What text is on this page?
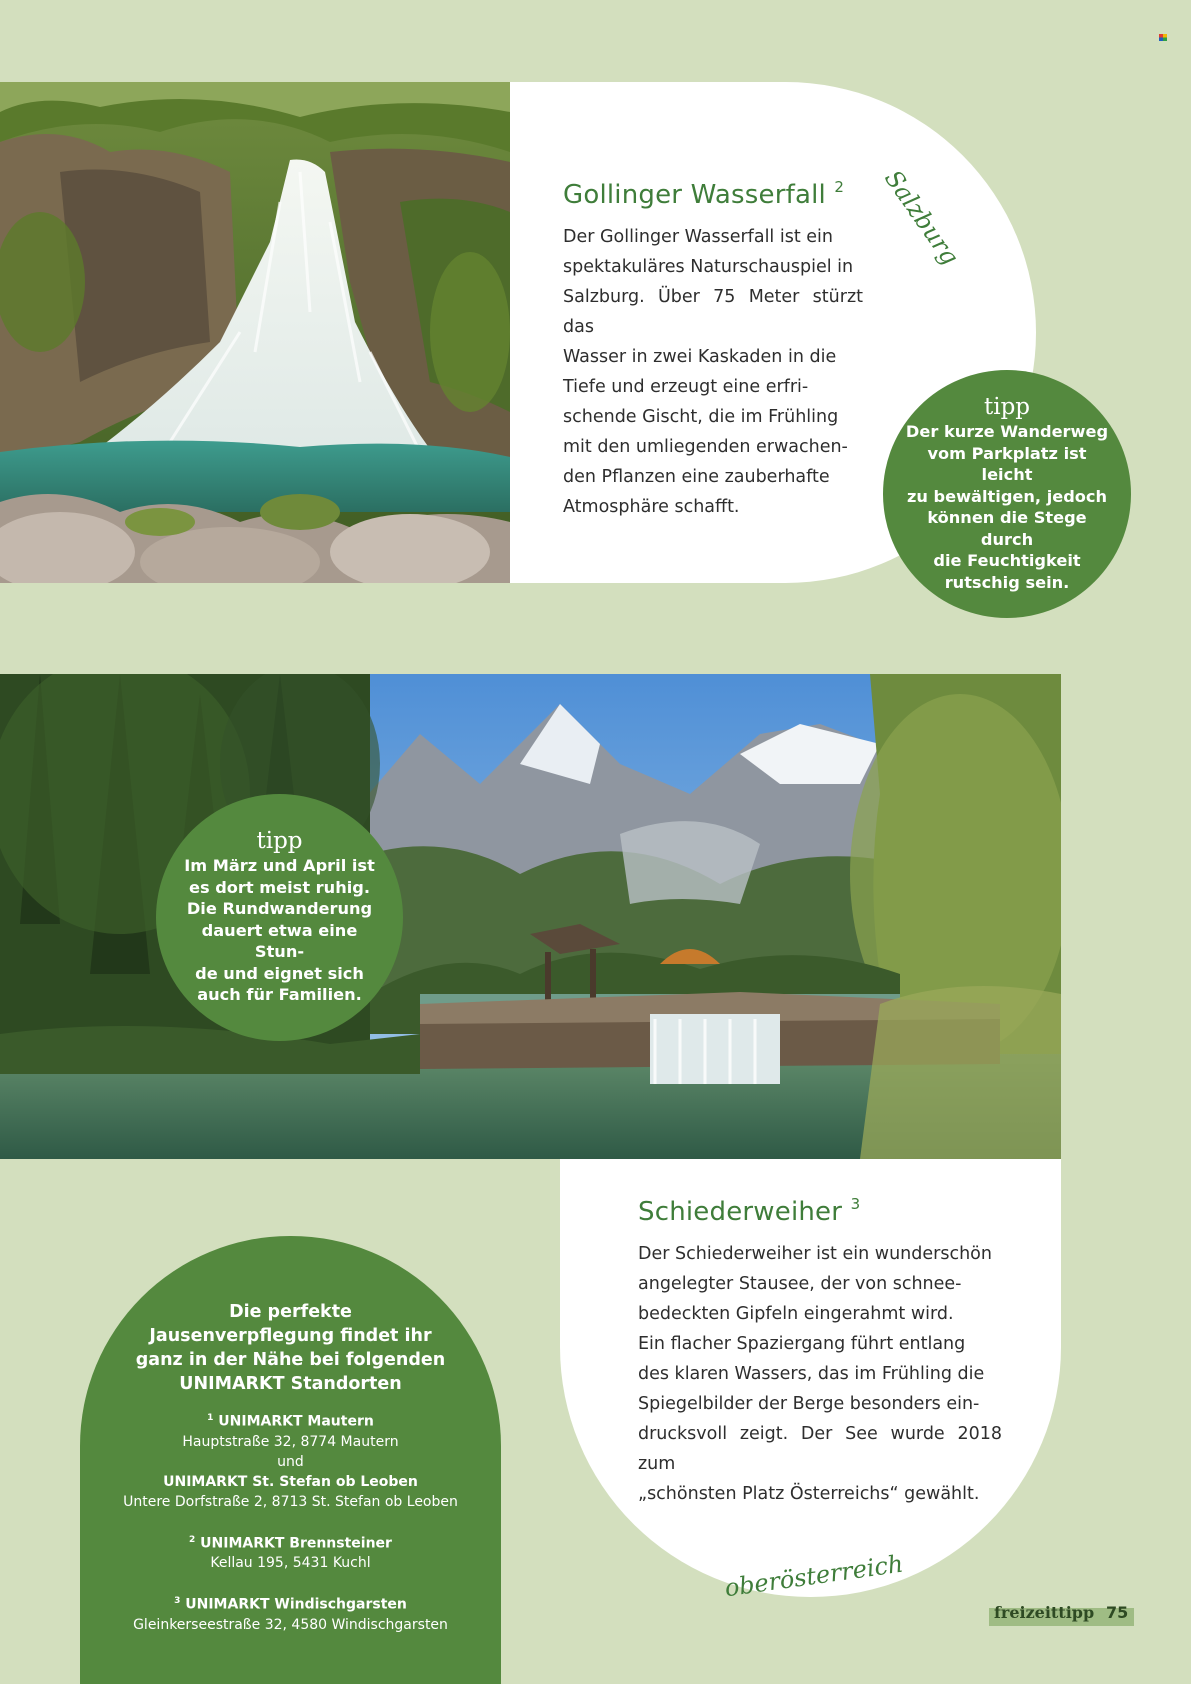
Gollinger Wasserfall $^2$
Der Gollinger Wasserfall ist ein
spektakuläres Naturschauspiel in
Salzburg. Über 75 Meter stürzt das
Wasser in zwei Kaskaden in die
Tiefe und erzeugt eine erfri-
schende Gischt, die im Frühling
mit den umliegenden erwachen-
den Pflanzen eine zauberhafte
Atmosphäre schafft.
Salzburg
tipp
Der kurze Wanderweg
vom Parkplatz ist leicht
zu bewältigen, jedoch
können die Stege durch
die Feuchtigkeit
rutschig sein.
tipp
Im März und April ist
es dort meist ruhig.
Die Rundwanderung
dauert etwa eine Stun-
de und eignet sich
auch für Familien.
Schiederweiher $^3$
Der Schiederweiher ist ein wunderschön
angelegter Stausee, der von schnee-
bedeckten Gipfeln eingerahmt wird.
Ein flacher Spaziergang führt entlang
des klaren Wassers, das im Frühling die
Spiegelbilder der Berge besonders ein-
drucksvoll zeigt. Der See wurde 2018 zum
„schönsten Platz Österreichs“ gewählt.
oberösterreich
Die perfekte
Jausenverpflegung findet ihr
ganz in der Nähe bei folgenden
UNIMARKT Standorten
$^1$ UNIMARKT Mautern
Hauptstraße 32, 8774 Mautern
und
UNIMARKT St. Stefan ob Leoben
Untere Dorfstraße 2, 8713 St. Stefan ob Leoben
$^2$ UNIMARKT Brennsteiner
Kellau 195, 5431 Kuchl
$^3$ UNIMARKT Windischgarsten
Gleinkerseestraße 32, 4580 Windischgarsten
freizeittipp 75
